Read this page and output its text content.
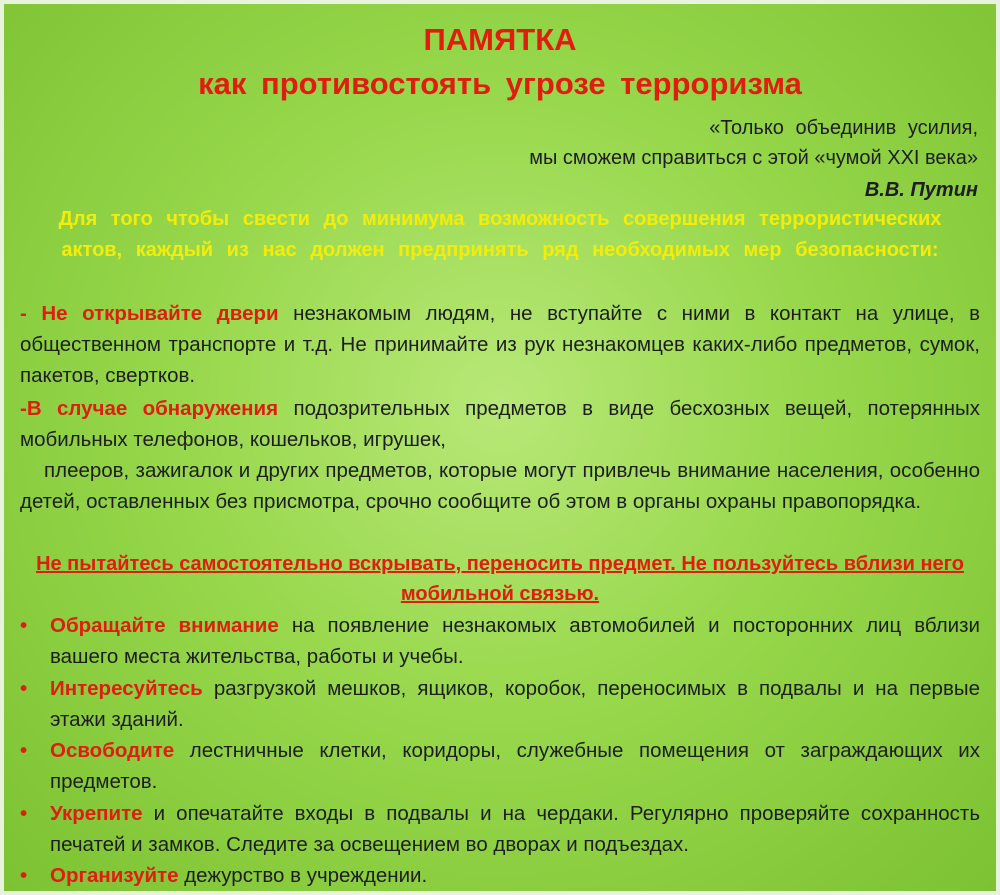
ПАМЯТКА
как противостоять угрозе терроризма
«Только объединив усилия,
мы сможем справиться с этой «чумой XXI века»
В.В. Путин
Для того чтобы свести до минимума возможность совершения террористических актов, каждый из нас должен предпринять ряд необходимых мер безопасности:
- Не открывайте двери незнакомым людям, не вступайте с ними в контакт на улице, в общественном транспорте и т.д. Не принимайте из рук незнакомцев каких-либо предметов, сумок, пакетов, свертков.
-В случае обнаружения подозрительных предметов в виде бесхозных вещей, потерянных мобильных телефонов, кошельков, игрушек,
плееров, зажигалок и других предметов, которые могут привлечь внимание населения, особенно детей, оставленных без присмотра, срочно сообщите об этом в органы охраны правопорядка.
Не пытайтесь самостоятельно вскрывать, переносить предмет. Не пользуйтесь вблизи него мобильной связью.
• Обращайте внимание на появление незнакомых автомобилей и посторонних лиц вблизи вашего места жительства, работы и учебы.
• Интересуйтесь разгрузкой мешков, ящиков, коробок, переносимых в подвалы и на первые этажи зданий.
• Освободите лестничные клетки, коридоры, служебные помещения от заграждающих их предметов.
• Укрепите и опечатайте входы в подвалы и на чердаки. Регулярно проверяйте сохранность печатей и замков. Следите за освещением во дворах и подъездах.
• Организуйте дежурство в учреждении.
